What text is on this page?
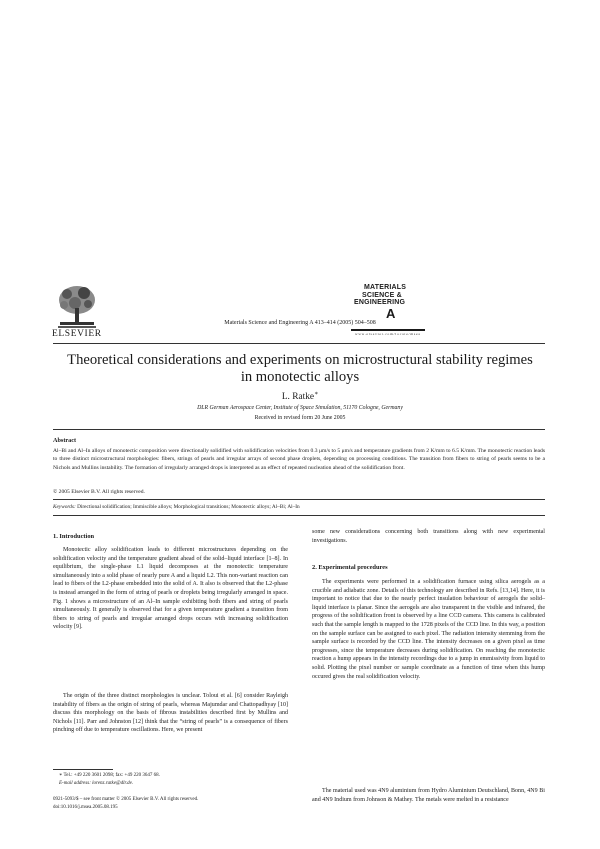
ELSEVIER
Materials Science and Engineering A 413–414 (2005) 504–508
MATERIALS
SCIENCE &
ENGINEERING
A
www.elsevier.com/locate/msea
Theoretical considerations and experiments on microstructural stability regimes in monotectic alloys
L. Ratke∗
DLR German Aerospace Center, Institute of Space Simulation, 51170 Cologne, Germany
Received in revised form 20 June 2005
Abstract

Al–Bi and Al–In alloys of monotectic composition were directionally solidified with solidification velocities from 0.3 μm/s to 5 μm/s and temperature gradients from 2 K/mm to 6.5 K/mm. The monotectic reaction leads to three distinct microstructural morphologies: fibers, strings of pearls and irregular arrays of second phase droplets, depending on processing conditions. The transition from fibers to string of pearls seems to be a Nichols and Mullins instability. The formation of irregularly arranged drops is interpreted as an effect of repeated nucleation ahead of the solidification front.

© 2005 Elsevier B.V. All rights reserved.
Keywords: Directional solidification; Immiscible alloys; Morphological transitions; Monotectic alloys; Al–Bi; Al–In
1. Introduction

Monotectic alloy solidification leads to different microstructures depending on the solidification velocity and the temperature gradient ahead of the solid–liquid interface [1–8]. In equilibrium, the single-phase L1 liquid decomposes at the monotectic temperature simultaneously into a solid phase of nearly pure A and a liquid L2. This non-variant reaction can lead to fibers of the L2-phase embedded into the solid of A. It also is observed that the L2-phase is instead arranged in the form of string of pearls or droplets being irregularly arranged in space. Fig. 1 shows a microstructure of an Al–In sample exhibiting both fibers and string of pearls simultaneously. It generally is observed that for a given temperature gradient a transition from fibers to string of pearls and irregular arranged drops occurs with increasing solidification velocity [9].

The origin of the three distinct morphologies is unclear. Toloui et al. [6] consider Rayleigh instability of fibers as the origin of string of pearls, whereas Majumdar and Chattopadhyay [10] discuss this morphology on the basis of fibrous instabilities described first by Mullins and Nichols [11]. Parr and Johnston [12] think that the “string of pearls” is a consequence of fibers pinching off due to temperature oscillations. Here, we present

∗ Tel.: +49 220 3601 2098; fax: +49 220 3647 68.
E-mail address: lorenz.ratke@dlr.de.
0921-5093/$ – see front matter © 2005 Elsevier B.V. All rights reserved.
doi:10.1016/j.msea.2005.08.195

some new considerations concerning both transitions along with new experimental investigations.

2. Experimental procedures

The experiments were performed in a solidification furnace using silica aerogels as a crucible and adiabatic zone. Details of this technology are described in Refs. [13,14]. Here, it is important to notice that due to the nearly perfect insulation behaviour of aerogels the solid–liquid interface is planar. Since the aerogels are also transparent in the visible and infrared, the progress of the solidification front is observed by a line CCD camera. This camera is calibrated such that the sample length is mapped to the 1728 pixels of the CCD line. In this way, a position on the sample surface can be assigned to each pixel. The radiation intensity stemming from the sample surface is recorded by the CCD line. The intensity decreases on a given pixel as time progresses, since the temperature decreases during solidification. On reaching the monotectic reaction a hump appears in the intensity recordings due to a jump in emmissivity from liquid to solid. Plotting the pixel number or sample coordinate as a function of time when this hump occured gives the real solidification velocity.

The material used was 4N9 aluminium from Hydro Aluminium Deutschland, Bonn, 4N9 Bi and 4N9 Indium from Johnson & Mathey. The metals were melted in a resistance
